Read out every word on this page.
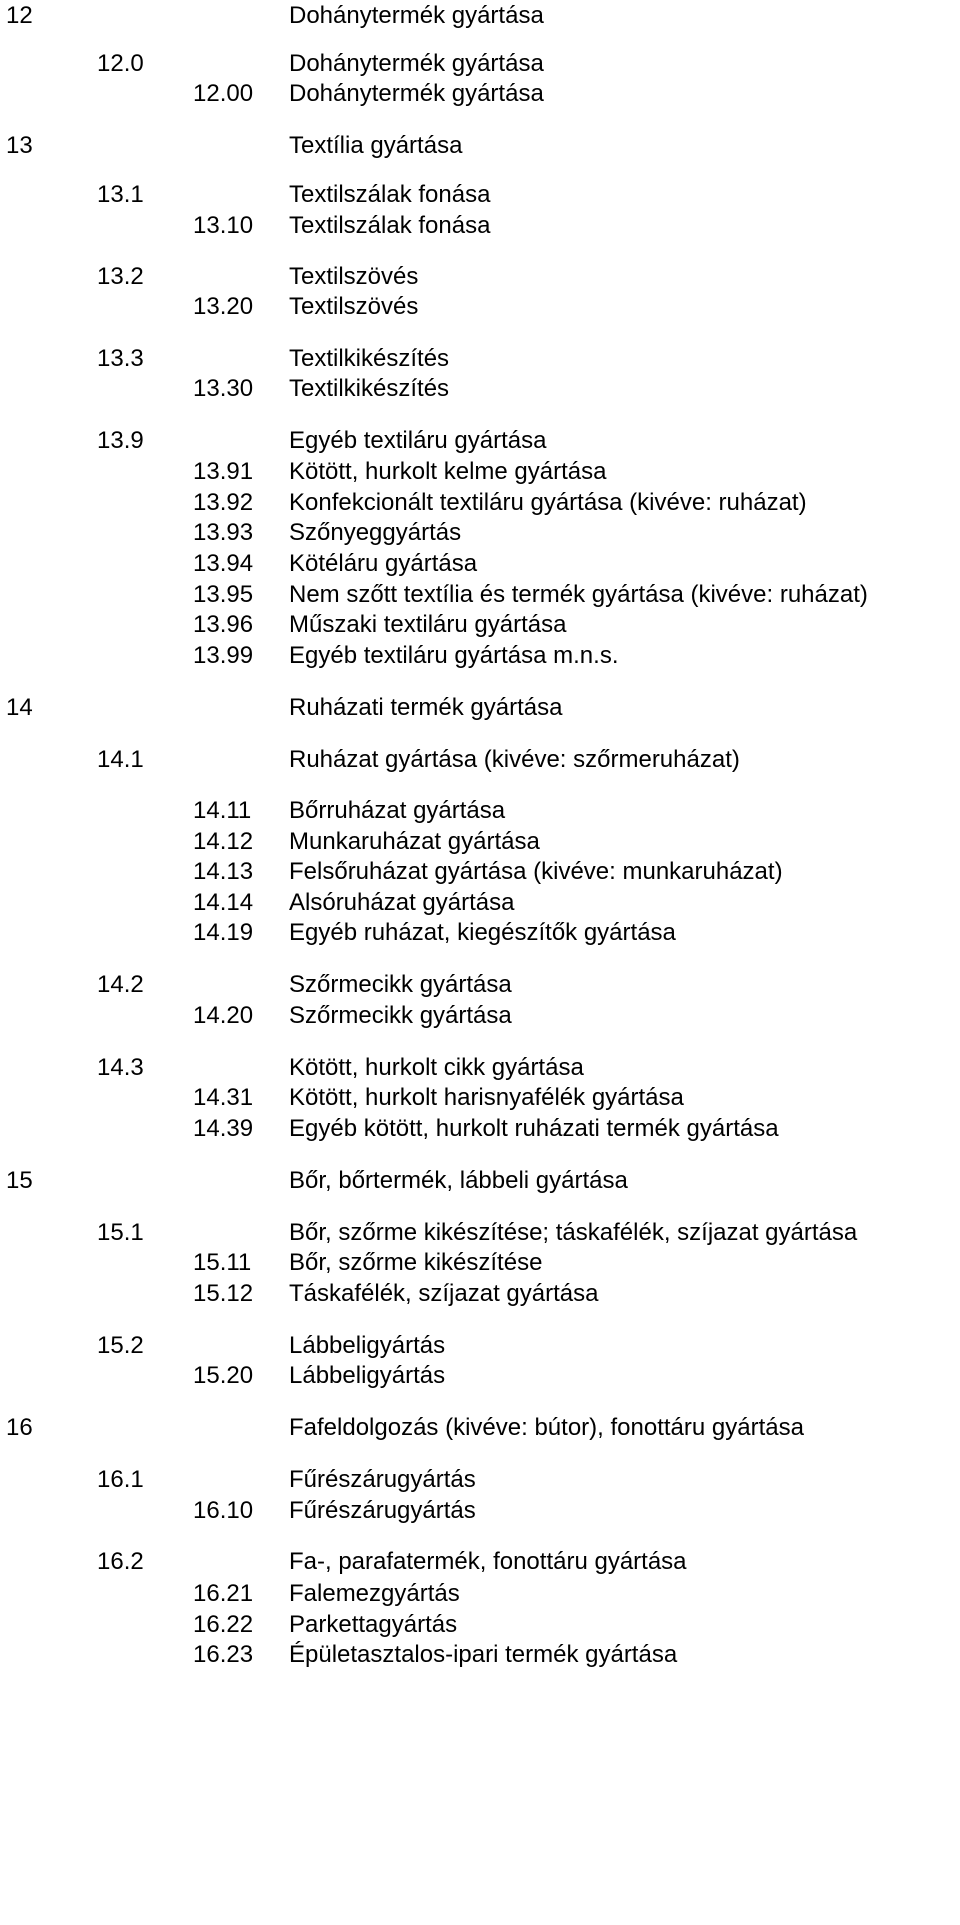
12	Dohánytermék gyártása
12.0	Dohánytermék gyártása
12.00 Dohánytermék gyártása
13	Textília gyártása
13.1	Textilszálak fonása
13.10 Textilszálak fonása
13.2	Textilszövés
13.20 Textilszövés
13.3	Textilkikészítés
13.30 Textilkikészítés
13.9	Egyéb textiláru gyártása
13.91 Kötött, hurkolt kelme gyártása
13.92 Konfekcionált textiláru gyártása (kivéve: ruházat)
13.93 Szőnyeggyártás
13.94 Kötéláru gyártása
13.95 Nem szőtt textília és termék gyártása (kivéve: ruházat)
13.96 Műszaki textiláru gyártása
13.99 Egyéb textiláru gyártása m.n.s.
14	Ruházati termék gyártása
14.1	Ruházat gyártása (kivéve: szőrmeruházat)
14.11 Bőrruházat gyártása
14.12 Munkaruházat gyártása
14.13 Felsőruházat gyártása (kivéve: munkaruházat)
14.14 Alsóruházat gyártása
14.19 Egyéb ruházat, kiegészítők gyártása
14.2	Szőrmecikk gyártása
14.20 Szőrmecikk gyártása
14.3	Kötött, hurkolt cikk gyártása
14.31 Kötött, hurkolt harisnyafélék gyártása
14.39 Egyéb kötött, hurkolt ruházati termék gyártása
15	Bőr, bőrtermék, lábbeli gyártása
15.1	Bőr, szőrme kikészítése; táskafélék, szíjazat gyártása
15.11 Bőr, szőrme kikészítése
15.12 Táskafélék, szíjazat gyártása
15.2	Lábbeligyártás
15.20 Lábbeligyártás
16	Fafeldolgozás (kivéve: bútor), fonottáru gyártása
16.1	Fűrészárugyártás
16.10 Fűrészárugyártás
16.2	Fa-, parafatermék, fonottáru gyártása
16.21 Falemezgyártás
16.22 Parkettagyártás
16.23 Épületasztalos-ipari termék gyártása
